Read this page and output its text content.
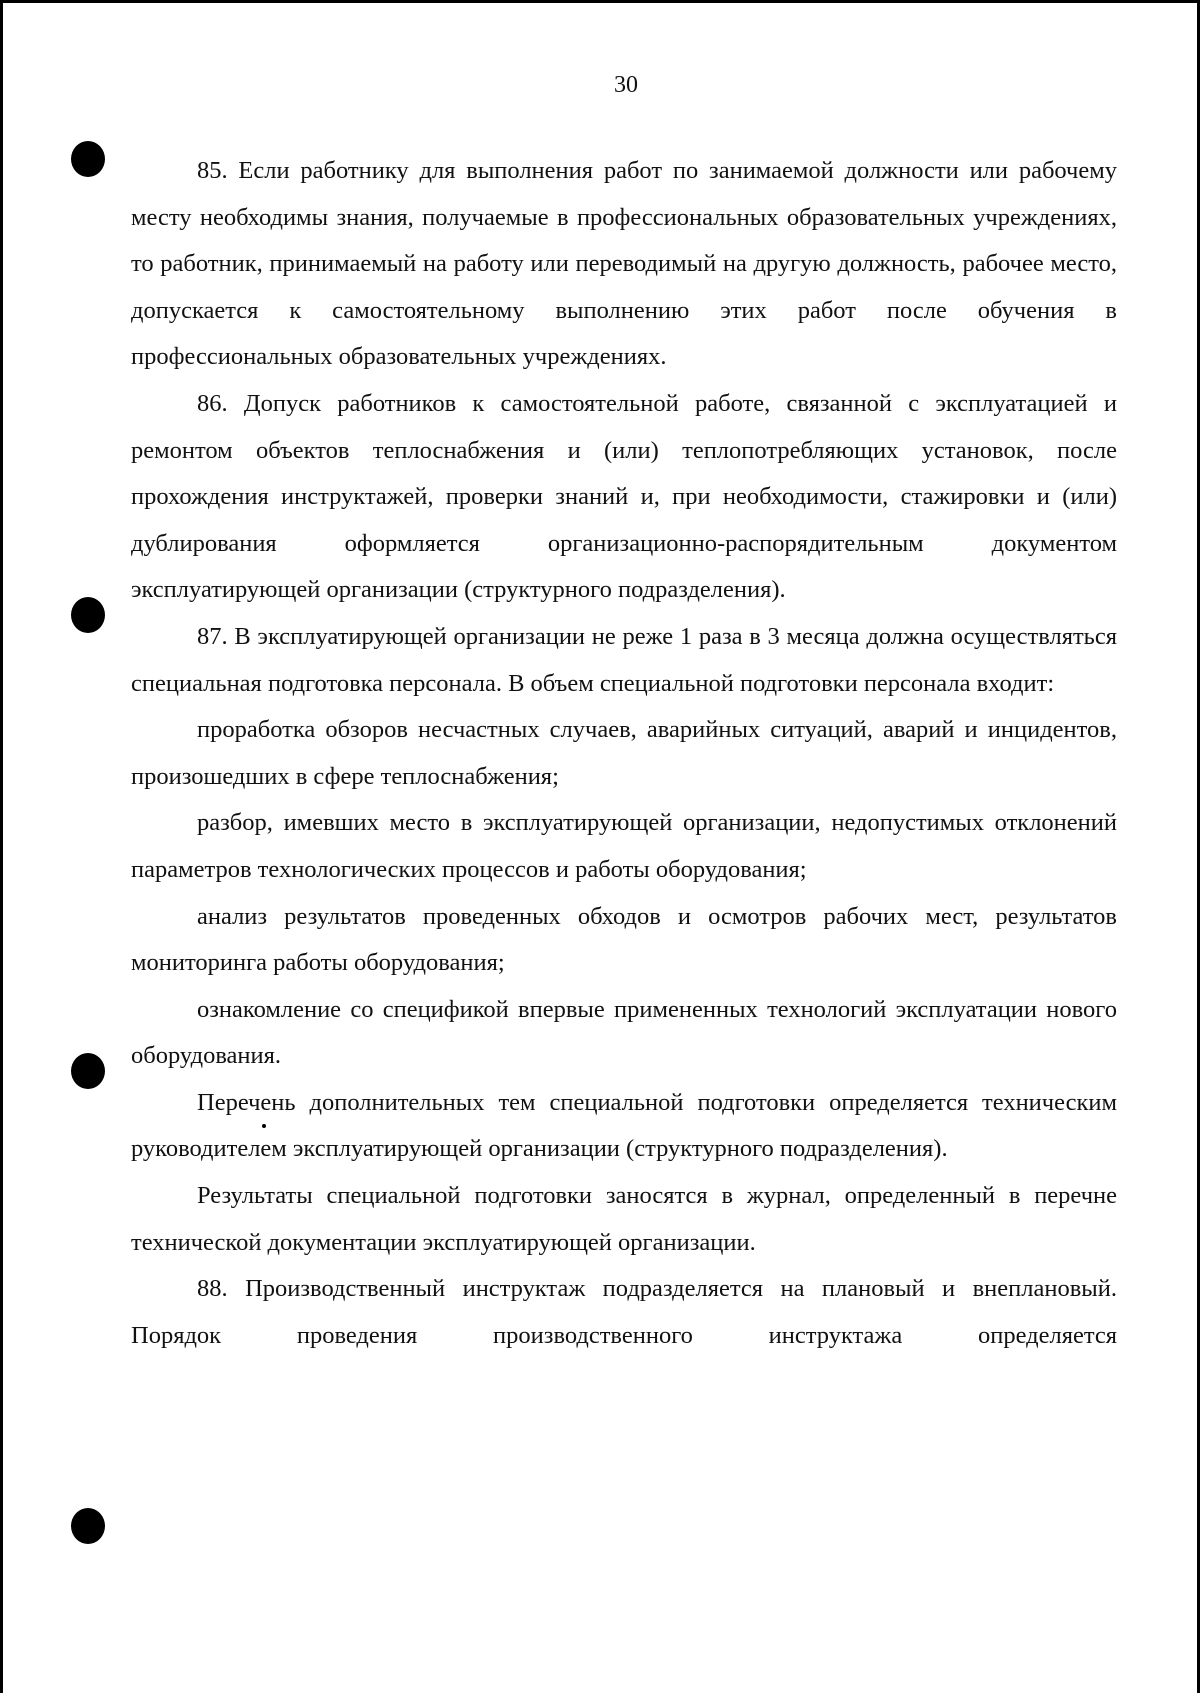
30

85. Если работнику для выполнения работ по занимаемой должности или рабочему месту необходимы знания, получаемые в профессиональных образовательных учреждениях, то работник, принимаемый на работу или переводимый на другую должность, рабочее место, допускается к самостоятельному выполнению этих работ после обучения в профессиональных образовательных учреждениях.

86. Допуск работников к самостоятельной работе, связанной с эксплуатацией и ремонтом объектов теплоснабжения и (или) теплопотребляющих установок, после прохождения инструктажей, проверки знаний и, при необходимости, стажировки и (или) дублирования оформляется организационно-распорядительным документом эксплуатирующей организации (структурного подразделения).

87. В эксплуатирующей организации не реже 1 раза в 3 месяца должна осуществляться специальная подготовка персонала. В объем специальной подготовки персонала входит:

проработка обзоров несчастных случаев, аварийных ситуаций, аварий и инцидентов, произошедших в сфере теплоснабжения;

разбор, имевших место в эксплуатирующей организации, недопустимых отклонений параметров технологических процессов и работы оборудования;

анализ результатов проведенных обходов и осмотров рабочих мест, результатов мониторинга работы оборудования;

ознакомление со спецификой впервые примененных технологий эксплуатации нового оборудования.

Перечень дополнительных тем специальной подготовки определяется техническим руководителем эксплуатирующей организации (структурного подразделения).

Результаты специальной подготовки заносятся в журнал, определенный в перечне технической документации эксплуатирующей организации.

88. Производственный инструктаж подразделяется на плановый и внеплановый. Порядок проведения производственного инструктажа определяется
